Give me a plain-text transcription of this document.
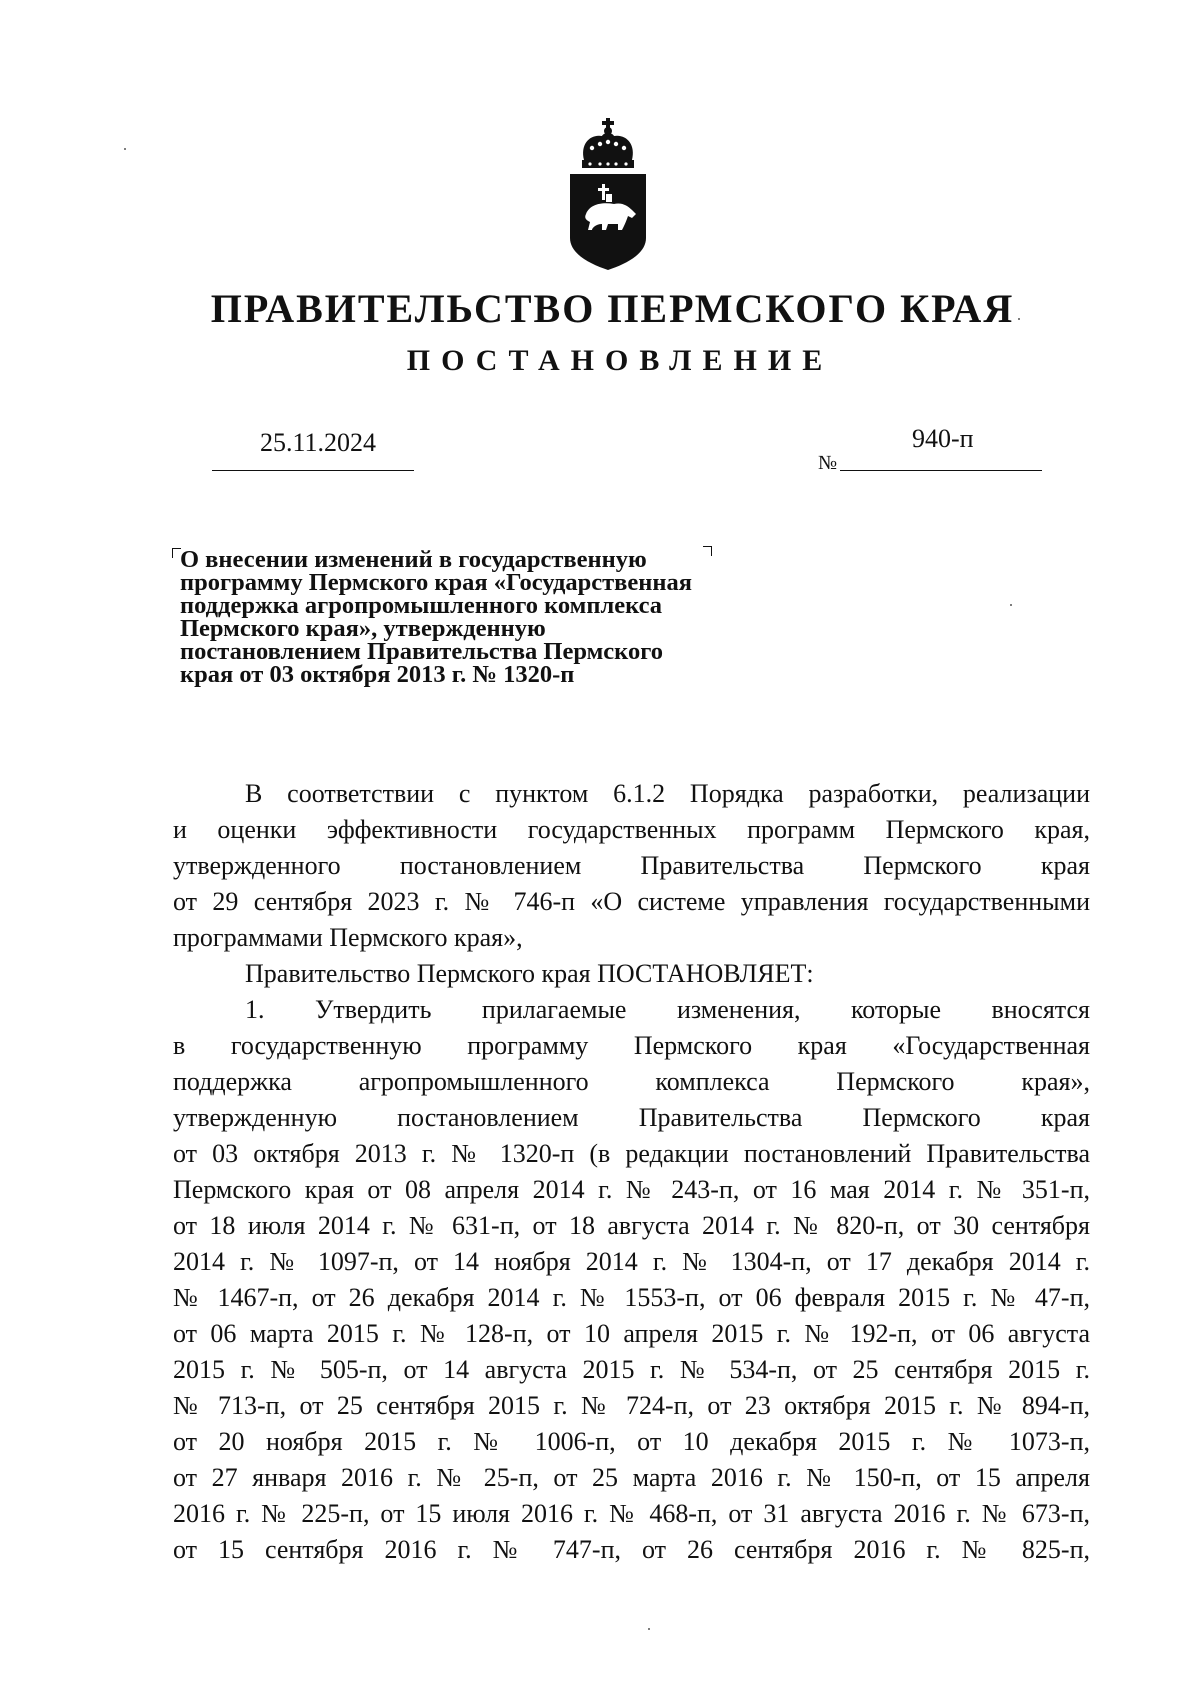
ПРАВИТЕЛЬСТВО ПЕРМСКОГО КРАЯ
ПОСТАНОВЛЕНИЕ
25.11.2024
№
940-п
О внесении изменений в государственную
программу Пермского края «Государственная
поддержка агропромышленного комплекса
Пермского края», утвержденную
постановлением Правительства Пермского
края от 03 октября 2013 г. № 1320-п
В соответствии с пунктом 6.1.2 Порядка разработки, реализации
и оценки эффективности государственных программ Пермского края,
утвержденного постановлением Правительства Пермского края
от 29 сентября 2023 г. № 746-п «О системе управления государственными
программами Пермского края»,
Правительство Пермского края ПОСТАНОВЛЯЕТ:
1. Утвердить прилагаемые изменения, которые вносятся
в государственную программу Пермского края «Государственная
поддержка агропромышленного комплекса Пермского края»,
утвержденную постановлением Правительства Пермского края
от 03 октября 2013 г. № 1320-п (в редакции постановлений Правительства
Пермского края от 08 апреля 2014 г. № 243-п, от 16 мая 2014 г. № 351-п,
от 18 июля 2014 г. № 631-п, от 18 августа 2014 г. № 820-п, от 30 сентября
2014 г. № 1097-п, от 14 ноября 2014 г. № 1304-п, от 17 декабря 2014 г.
№ 1467-п, от 26 декабря 2014 г. № 1553-п, от 06 февраля 2015 г. № 47-п,
от 06 марта 2015 г. № 128-п, от 10 апреля 2015 г. № 192-п, от 06 августа
2015 г. № 505-п, от 14 августа 2015 г. № 534-п, от 25 сентября 2015 г.
№ 713-п, от 25 сентября 2015 г. № 724-п, от 23 октября 2015 г. № 894-п,
от 20 ноября 2015 г. № 1006-п, от 10 декабря 2015 г. № 1073-п,
от 27 января 2016 г. № 25-п, от 25 марта 2016 г. № 150-п, от 15 апреля
2016 г. № 225-п, от 15 июля 2016 г. № 468-п, от 31 августа 2016 г. № 673-п,
от 15 сентября 2016 г. № 747-п, от 26 сентября 2016 г. № 825-п,
